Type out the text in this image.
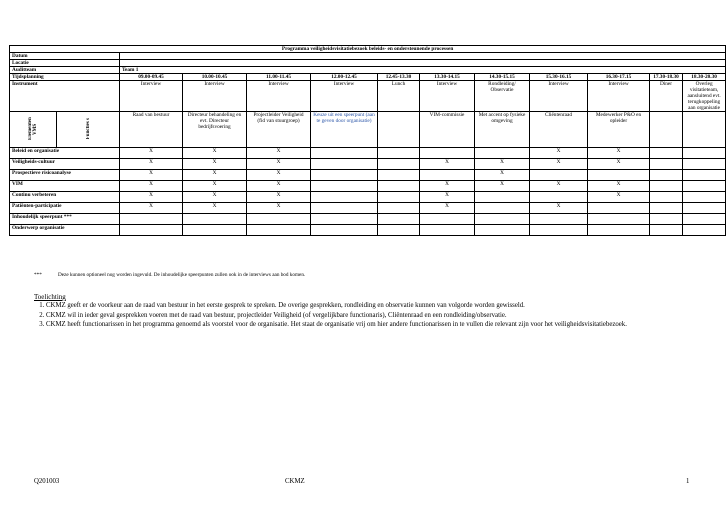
Programma veiligheidsvisitatiebezoek beleids- en ondersteunende processen												
Datum												
Locatie												
Auditteam		Team 1										
Tijdsplanning		09.00-09.45	10.00-10.45	11.00-11.45	12.00-12.45	12.45-13.30	13.30-14.15	14.30-15.15	15.30-16.15	16.30-17.15	17.30-18.30	18.30-20.30
Instrument		Interview	Interview	Interview	Interview	Lunch	Interview	Rondleiding/ Observatie	Interview	Interview	Diner	Overleg visitatieteam, aansluitend evt. terugkoppeling aan organisatie

Elementen VMS	Functies s	Raad van bestuur	Directeur behandeling en evt. Directeur bedrijfsvoering	Projectleider Veiligheid (fid van stuurgroep)	Keuze uit een speerpunt (aan te geven door organisatie)		VIM-commissie	Met accent op fysieke omgeving	Cliëntenraad	Medewerker P&O en opleider		
Beleid en organisatie		X	X	X					X	X		
Veiligheids-cultuur		X	X	X			X	X	X	X		
Prospectieve risicoanalyse		X	X	X				X				
VIM		X	X	X			X	X	X	X		
Continu verbeteren		X	X	X			X			X		
Patiënten-participatie		X	X	X			X		X			
Inhoudelijk speerpunt ***												
Onderwerp organisatie												
***	Deze kunnen optioneel nog worden ingevuld. De inhoudelijke speerpunten zullen ook in de interviews aan bod komen.
Toelichting
1. CKMZ geeft er de voorkeur aan de raad van bestuur in het eerste gesprek te spreken. De overige gesprekken, rondleiding en observatie kunnen van volgorde worden gewisseld.
2. CKMZ wil in ieder geval gesprekken voeren met de raad van bestuur, projectleider Veiligheid (of vergelijkbare functionaris), Cliëntenraad en een rondleiding/observatie.
3. CKMZ heeft functionarissen in het programma genoemd als voorstel voor de organisatie. Het staat de organisatie vrij om hier andere functionarissen in te vullen die relevant zijn voor het veiligheidsvisitatiebezoek.
Q201003	CKMZ	1
